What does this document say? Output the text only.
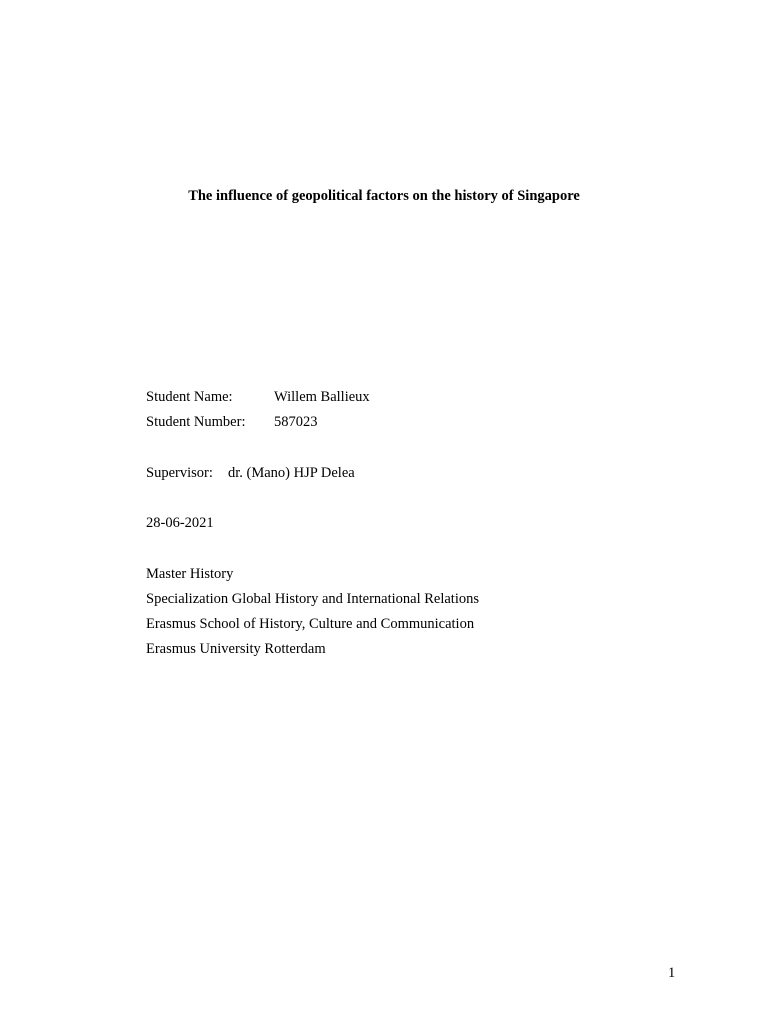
The influence of geopolitical factors on the history of Singapore
Student Name:	Willem Ballieux
Student Number: 587023
Supervisor: dr. (Mano) HJP Delea
28-06-2021
Master History
Specialization Global History and International Relations
Erasmus School of History, Culture and Communication
Erasmus University Rotterdam
1
